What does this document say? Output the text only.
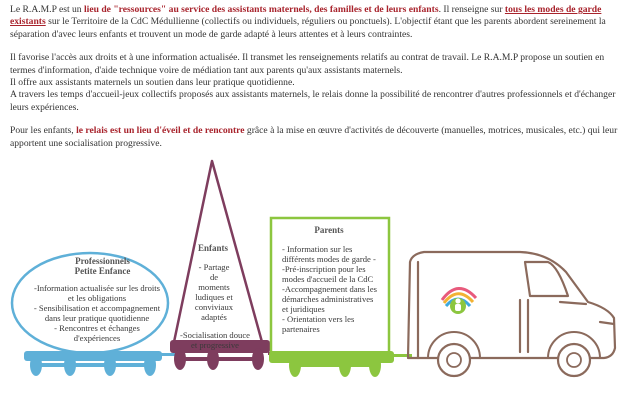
Le R.A.M.P est un lieu de "ressources" au service des assistants maternels, des familles et de leurs enfants. Il renseigne sur tous les modes de garde existants sur le Territoire de la CdC Médullienne (collectifs ou individuels, réguliers ou ponctuels). L'objectif étant que les parents abordent sereinement la séparation d'avec leurs enfants et trouvent un mode de garde adapté à leurs attentes et à leurs contraintes.

Il favorise l'accès aux droits et à une information actualisée. Il transmet les renseignements relatifs au contrat de travail. Le R.A.M.P propose un soutien en termes d'information, d'aide technique voire de médiation tant aux parents qu'aux assistants maternels.

Il offre aux assistants maternels un soutien dans leur pratique quotidienne.

A travers les temps d'accueil-jeux collectifs proposés aux assistants maternels, le relais donne la possibilité de rencontrer d'autres professionnels et d'échanger leurs expériences.

Pour les enfants, le relais est un lieu d'éveil et de rencontre grâce à la mise en œuvre d'activités de découverte (manuelles, motrices, musicales, etc.) qui leur apportent une socialisation progressive.

Professionnels
Petite Enfance
-Information actualisée sur les droits
et les obligations
- Sensibilisation et accompagnement
dans leur pratique quotidienne
- Rencontres et échanges
d'expériences
Enfants
- Partage
de
moments
ludiques et
conviviaux
adaptés
-Socialisation douce
et progressive
Parents
- Information sur les
différents modes de garde -
-Pré-inscription pour les
modes d'accueil de la CdC
-Accompagnement dans les
démarches administratives
et juridiques
- Orientation vers les
partenaires
